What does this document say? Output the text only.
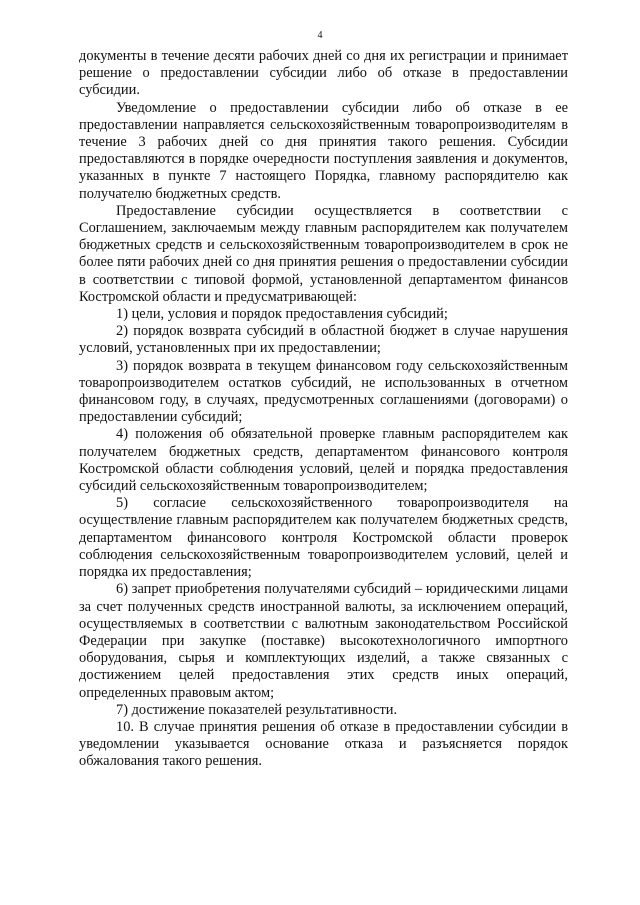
4

документы в течение десяти рабочих дней со дня их регистрации и принимает решение о предоставлении субсидии либо об отказе в предоставлении субсидии.

Уведомление о предоставлении субсидии либо об отказе в ее предоставлении направляется сельскохозяйственным товаропроизводителям в течение 3 рабочих дней со дня принятия такого решения. Субсидии предоставляются в порядке очередности поступления заявления и документов, указанных в пункте 7 настоящего Порядка, главному распорядителю как получателю бюджетных средств.

Предоставление субсидии осуществляется в соответствии с Соглашением, заключаемым между главным распорядителем как получателем бюджетных средств и сельскохозяйственным товаропроизводителем в срок не более пяти рабочих дней со дня принятия решения о предоставлении субсидии в соответствии с типовой формой, установленной департаментом финансов Костромской области и предусматривающей:

1) цели, условия и порядок предоставления субсидий;

2) порядок возврата субсидий в областной бюджет в случае нарушения условий, установленных при их предоставлении;

3) порядок возврата в текущем финансовом году сельскохозяйственным товаропроизводителем остатков субсидий, не использованных в отчетном финансовом году, в случаях, предусмотренных соглашениями (договорами) о предоставлении субсидий;

4) положения об обязательной проверке главным распорядителем как получателем бюджетных средств, департаментом финансового контроля Костромской области соблюдения условий, целей и порядка предоставления субсидий сельскохозяйственным товаропроизводителем;

5) согласие сельскохозяйственного товаропроизводителя на осуществление главным распорядителем как получателем бюджетных средств, департаментом финансового контроля Костромской области проверок соблюдения сельскохозяйственным товаропроизводителем условий, целей и порядка их предоставления;

6) запрет приобретения получателями субсидий – юридическими лицами за счет полученных средств иностранной валюты, за исключением операций, осуществляемых в соответствии с валютным законодательством Российской Федерации при закупке (поставке) высокотехнологичного импортного оборудования, сырья и комплектующих изделий, а также связанных с достижением целей предоставления этих средств иных операций, определенных правовым актом;

7) достижение показателей результативности.

10. В случае принятия решения об отказе в предоставлении субсидии в уведомлении указывается основание отказа и разъясняется порядок обжалования такого решения.
